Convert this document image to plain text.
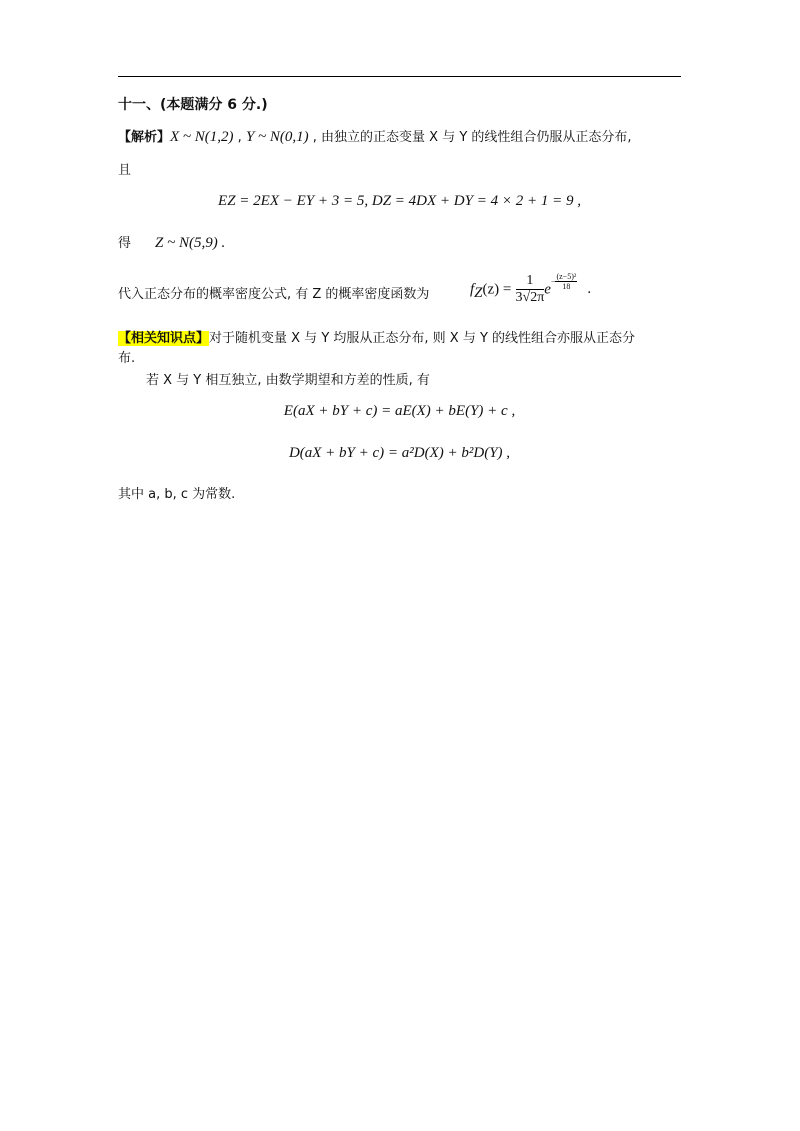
十一、(本题满分 6 分.)
【解析】X ~ N(1,2) , Y ~ N(0,1) , 由独立的正态变量 X 与 Y 的线性组合仍服从正态分布,
且
EZ = 2EX − EY + 3 = 5, DZ = 4DX + DY = 4 × 2 + 1 = 9 ,
得 Z ~ N(5,9) .
代入正态分布的概率密度公式, 有 Z 的概率密度函数为	$f_Z(z) = \frac{1}{3√2\pi} e- \frac{\text{(z−5)²}}{18}$ .
【相关知识点】对于随机变量 X 与 Y 均服从正态分布, 则 X 与 Y 的线性组合亦服从正态分
布.
若 X 与 Y 相互独立, 由数学期望和方差的性质, 有
E(aX + bY + c) = aE(X) + bE(Y) + c ,
D(aX + bY + c) = a²D(X) + b²D(Y) ,
其中 a, b, c 为常数.
